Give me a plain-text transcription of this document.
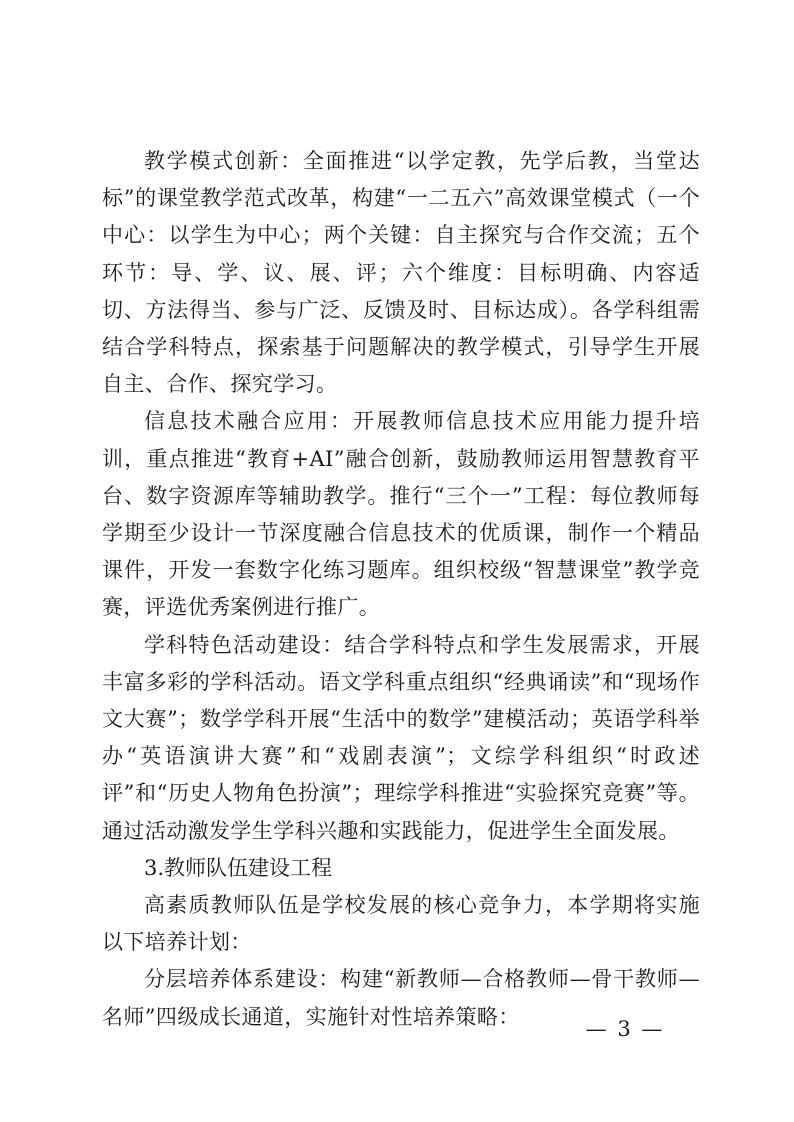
教学模式创新：全面推进“以学定教，先学后教，当堂达标”的课堂教学范式改革，构建“一二五六”高效课堂模式（一个中心：以学生为中心；两个关键：自主探究与合作交流；五个环节：导、学、议、展、评；六个维度：目标明确、内容适切、方法得当、参与广泛、反馈及时、目标达成）。各学科组需结合学科特点，探索基于问题解决的教学模式，引导学生开展自主、合作、探究学习。

信息技术融合应用：开展教师信息技术应用能力提升培训，重点推进“教育+AI”融合创新，鼓励教师运用智慧教育平台、数字资源库等辅助教学。推行“三个一”工程：每位教师每学期至少设计一节深度融合信息技术的优质课，制作一个精品课件，开发一套数字化练习题库。组织校级“智慧课堂”教学竞赛，评选优秀案例进行推广。

学科特色活动建设：结合学科特点和学生发展需求，开展丰富多彩的学科活动。语文学科重点组织“经典诵读”和“现场作文大赛”；数学学科开展“生活中的数学”建模活动；英语学科举办“英语演讲大赛”和“戏剧表演”；文综学科组织“时政述评”和“历史人物角色扮演”；理综学科推进“实验探究竞赛”等。通过活动激发学生学科兴趣和实践能力，促进学生全面发展。

3.教师队伍建设工程

高素质教师队伍是学校发展的核心竞争力，本学期将实施以下培养计划：

分层培养体系建设：构建“新教师—合格教师—骨干教师—名师”四级成长通道，实施针对性培养策略：

— 3 —
